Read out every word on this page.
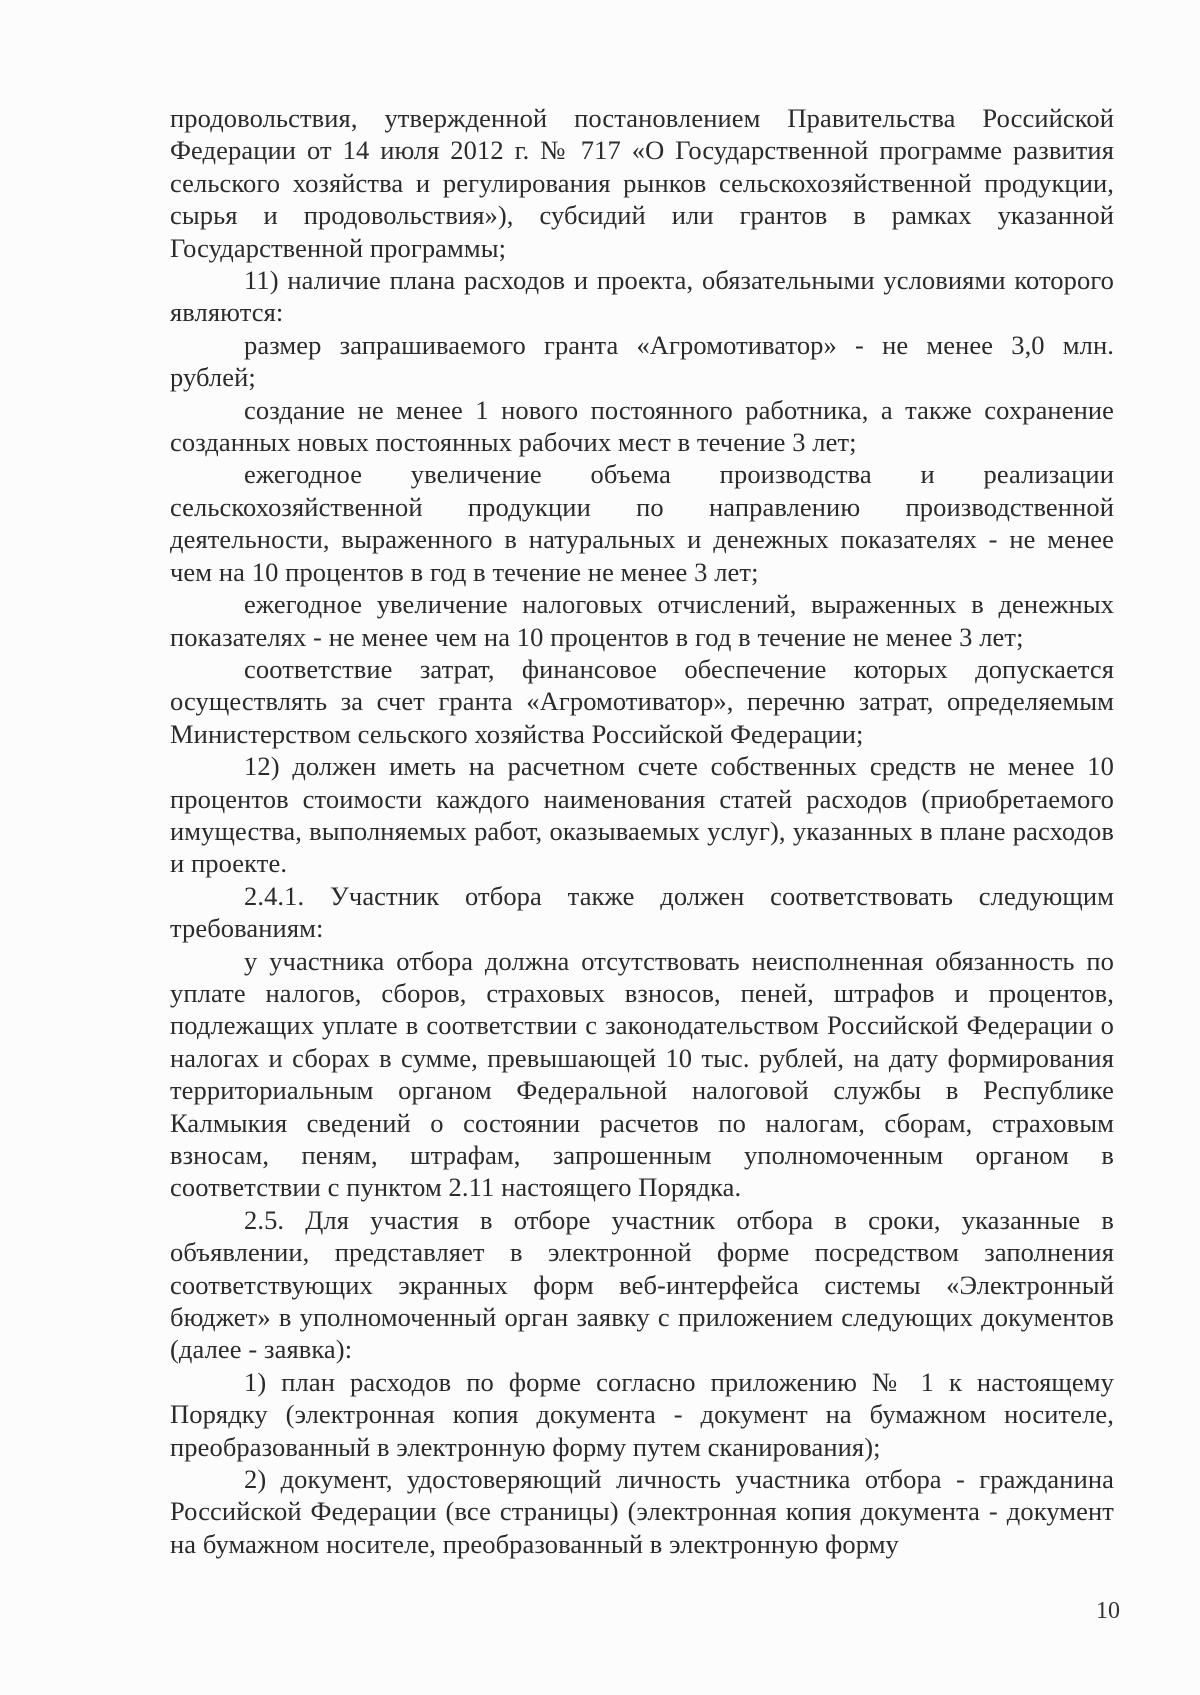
продовольствия, утвержденной постановлением Правительства Российской Федерации от 14 июля 2012 г. № 717 «О Государственной программе развития сельского хозяйства и регулирования рынков сельскохозяйственной продукции, сырья и продовольствия»), субсидий или грантов в рамках указанной Государственной программы;

11) наличие плана расходов и проекта, обязательными условиями которого являются:

размер запрашиваемого гранта «Агромотиватор» - не менее 3,0 млн. рублей;

создание не менее 1 нового постоянного работника, а также сохранение созданных новых постоянных рабочих мест в течение 3 лет;

ежегодное увеличение объема производства и реализации сельскохозяйственной продукции по направлению производственной деятельности, выраженного в натуральных и денежных показателях - не менее чем на 10 процентов в год в течение не менее 3 лет;

ежегодное увеличение налоговых отчислений, выраженных в денежных показателях - не менее чем на 10 процентов в год в течение не менее 3 лет;

соответствие затрат, финансовое обеспечение которых допускается осуществлять за счет гранта «Агромотиватор», перечню затрат, определяемым Министерством сельского хозяйства Российской Федерации;

12) должен иметь на расчетном счете собственных средств не менее 10 процентов стоимости каждого наименования статей расходов (приобретаемого имущества, выполняемых работ, оказываемых услуг), указанных в плане расходов и проекте.

2.4.1. Участник отбора также должен соответствовать следующим требованиям:

у участника отбора должна отсутствовать неисполненная обязанность по уплате налогов, сборов, страховых взносов, пеней, штрафов и процентов, подлежащих уплате в соответствии с законодательством Российской Федерации о налогах и сборах в сумме, превышающей 10 тыс. рублей, на дату формирования территориальным органом Федеральной налоговой службы в Республике Калмыкия сведений о состоянии расчетов по налогам, сборам, страховым взносам, пеням, штрафам, запрошенным уполномоченным органом в соответствии с пунктом 2.11 настоящего Порядка.

2.5. Для участия в отборе участник отбора в сроки, указанные в объявлении, представляет в электронной форме посредством заполнения соответствующих экранных форм веб-интерфейса системы «Электронный бюджет» в уполномоченный орган заявку с приложением следующих документов (далее - заявка):

1) план расходов по форме согласно приложению № 1 к настоящему Порядку (электронная копия документа - документ на бумажном носителе, преобразованный в электронную форму путем сканирования);

2) документ, удостоверяющий личность участника отбора - гражданина Российской Федерации (все страницы) (электронная копия документа - документ на бумажном носителе, преобразованный в электронную форму

10
